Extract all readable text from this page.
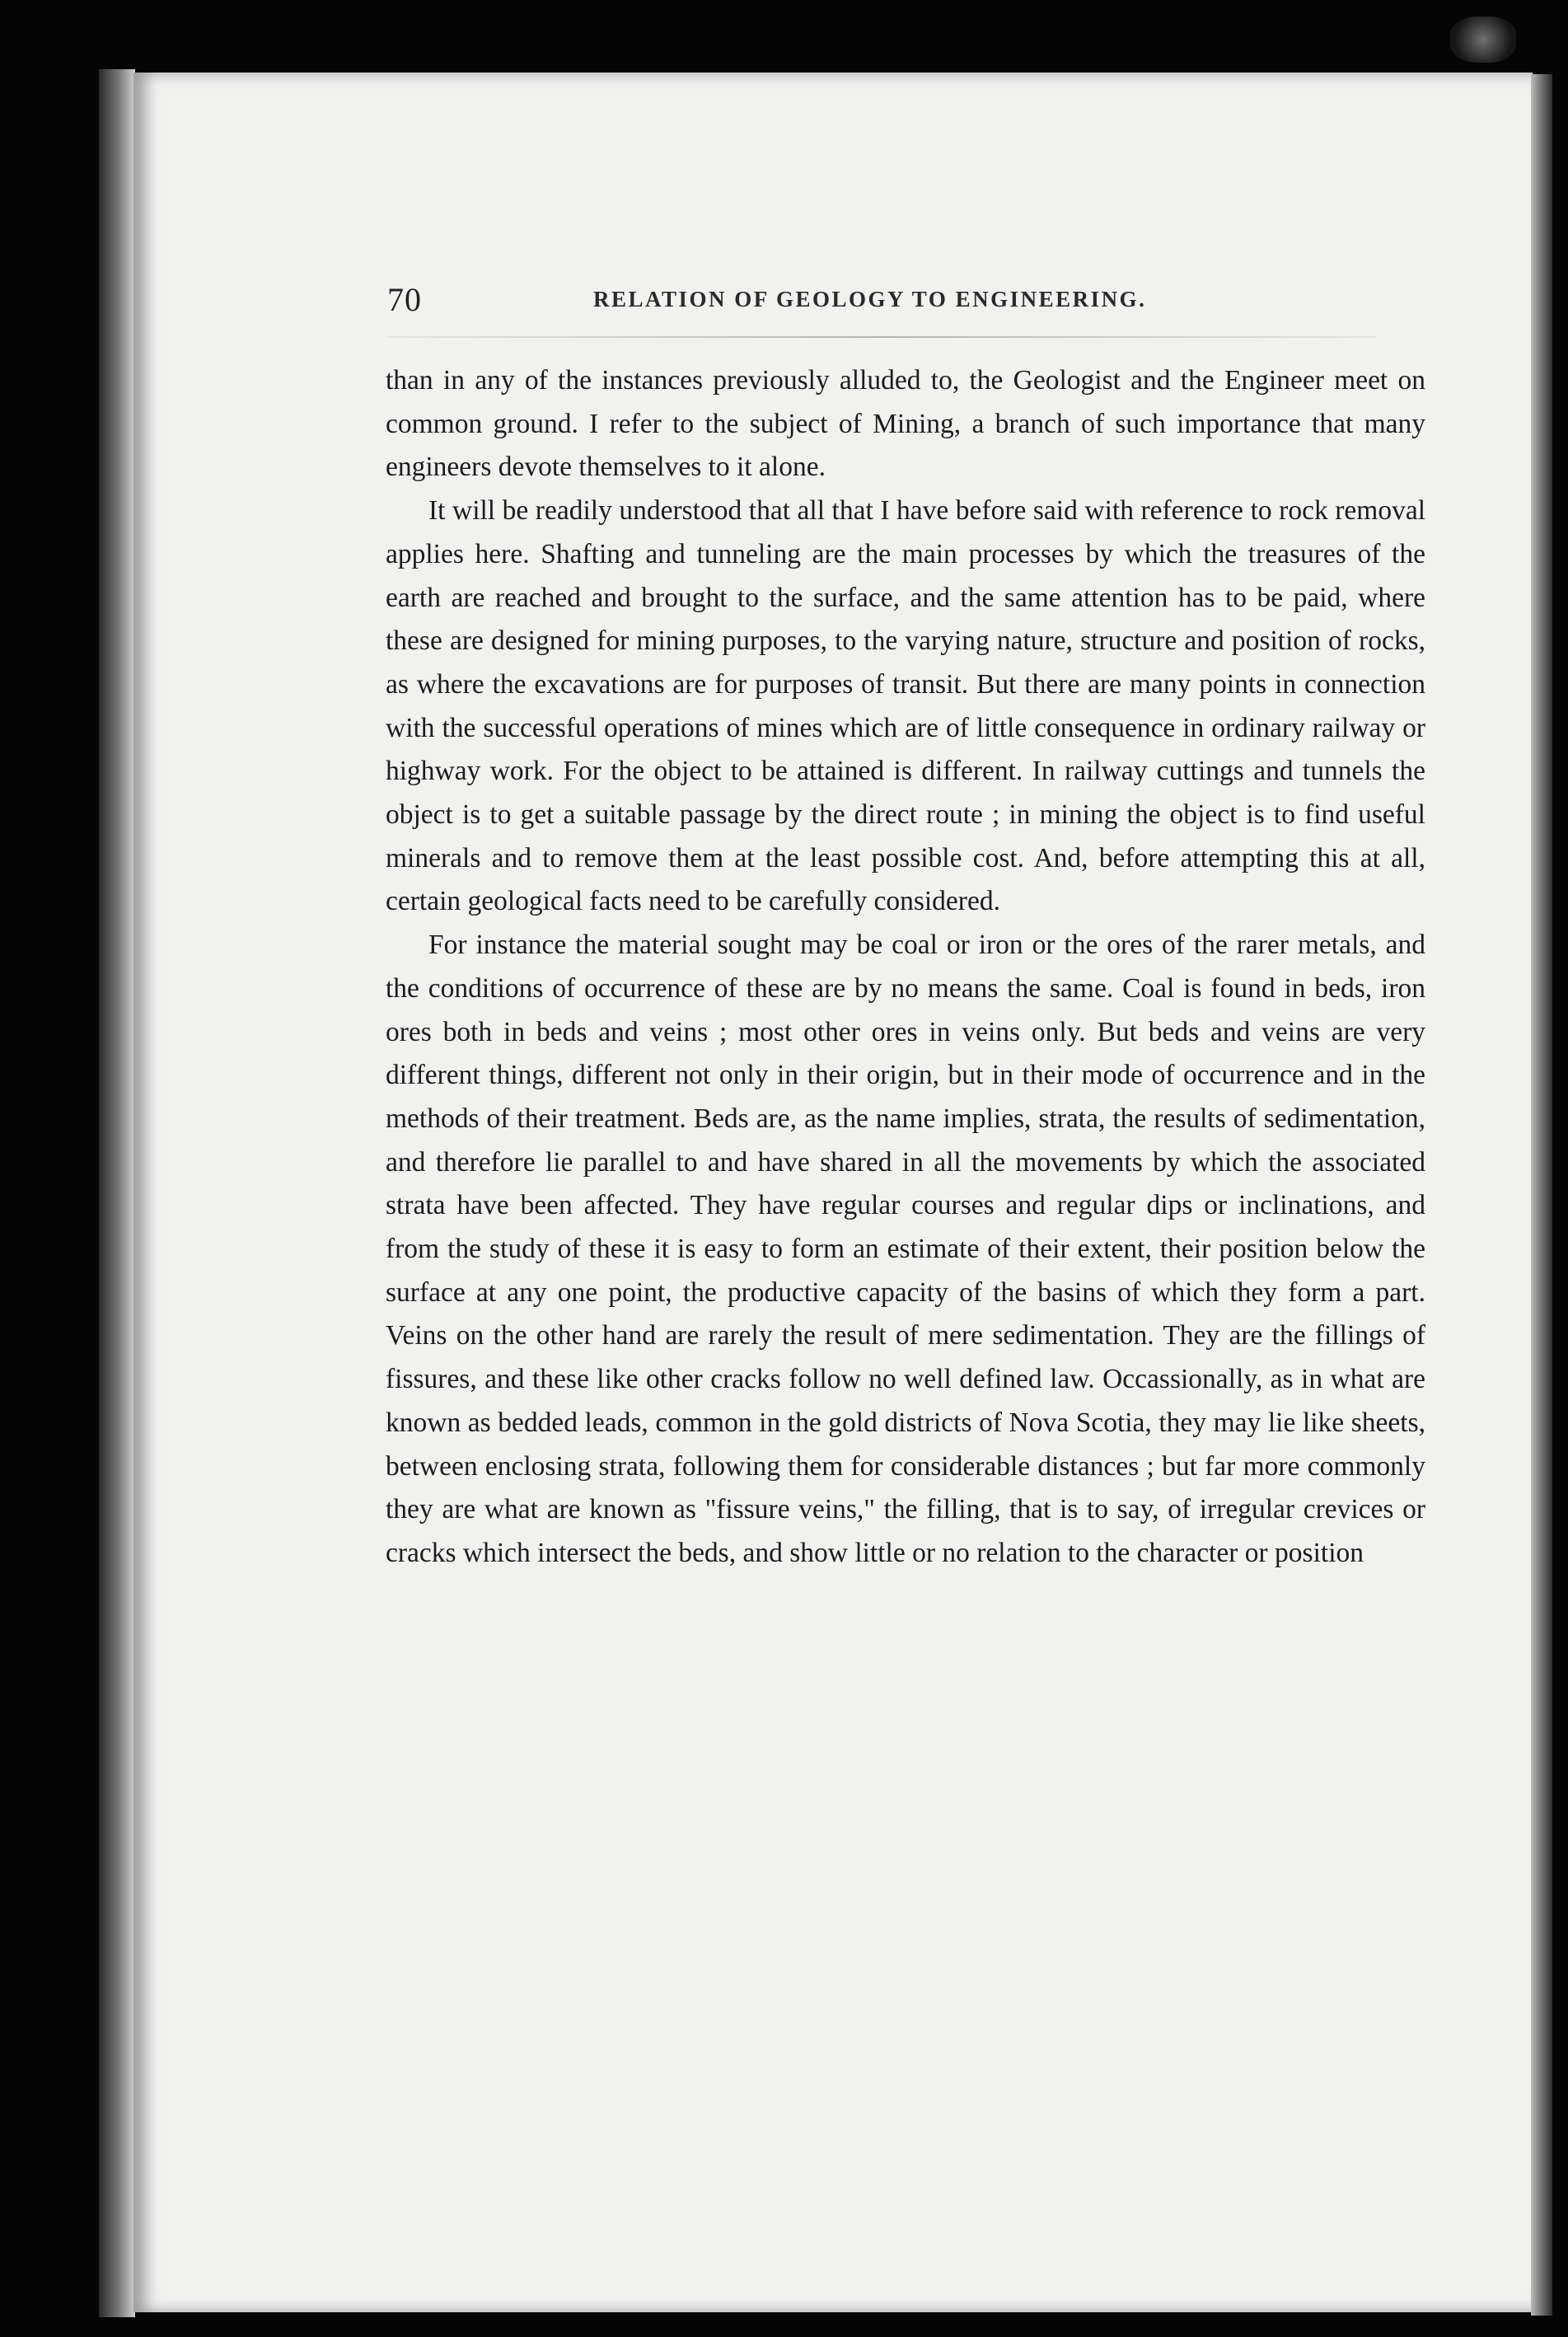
70	RELATION OF GEOLOGY TO ENGINEERING.

than in any of the instances previously alluded to, the Geologist and the Engineer meet on common ground. I refer to the subject of Mining, a branch of such importance that many engineers devote themselves to it alone.

It will be readily understood that all that I have before said with reference to rock removal applies here. Shafting and tunneling are the main processes by which the treasures of the earth are reached and brought to the surface, and the same attention has to be paid, where these are designed for mining purposes, to the varying nature, structure and position of rocks, as where the excavations are for purposes of transit. But there are many points in connection with the successful operations of mines which are of little consequence in ordinary railway or highway work. For the object to be attained is different. In railway cuttings and tunnels the object is to get a suitable passage by the direct route ; in mining the object is to find useful minerals and to remove them at the least possible cost. And, before attempting this at all, certain geological facts need to be carefully considered.

For instance the material sought may be coal or iron or the ores of the rarer metals, and the conditions of occurrence of these are by no means the same. Coal is found in beds, iron ores both in beds and veins ; most other ores in veins only. But beds and veins are very different things, different not only in their origin, but in their mode of occurrence and in the methods of their treatment. Beds are, as the name implies, strata, the results of sedimentation, and therefore lie parallel to and have shared in all the movements by which the associated strata have been affected. They have regular courses and regular dips or inclinations, and from the study of these it is easy to form an estimate of their extent, their position below the surface at any one point, the productive capacity of the basins of which they form a part. Veins on the other hand are rarely the result of mere sedimentation. They are the fillings of fissures, and these like other cracks follow no well defined law. Occassionally, as in what are known as bedded leads, common in the gold districts of Nova Scotia, they may lie like sheets, between enclosing strata, following them for considerable distances ; but far more commonly they are what are known as "fissure veins," the filling, that is to say, of irregular crevices or cracks which intersect the beds, and show little or no relation to the character or position
